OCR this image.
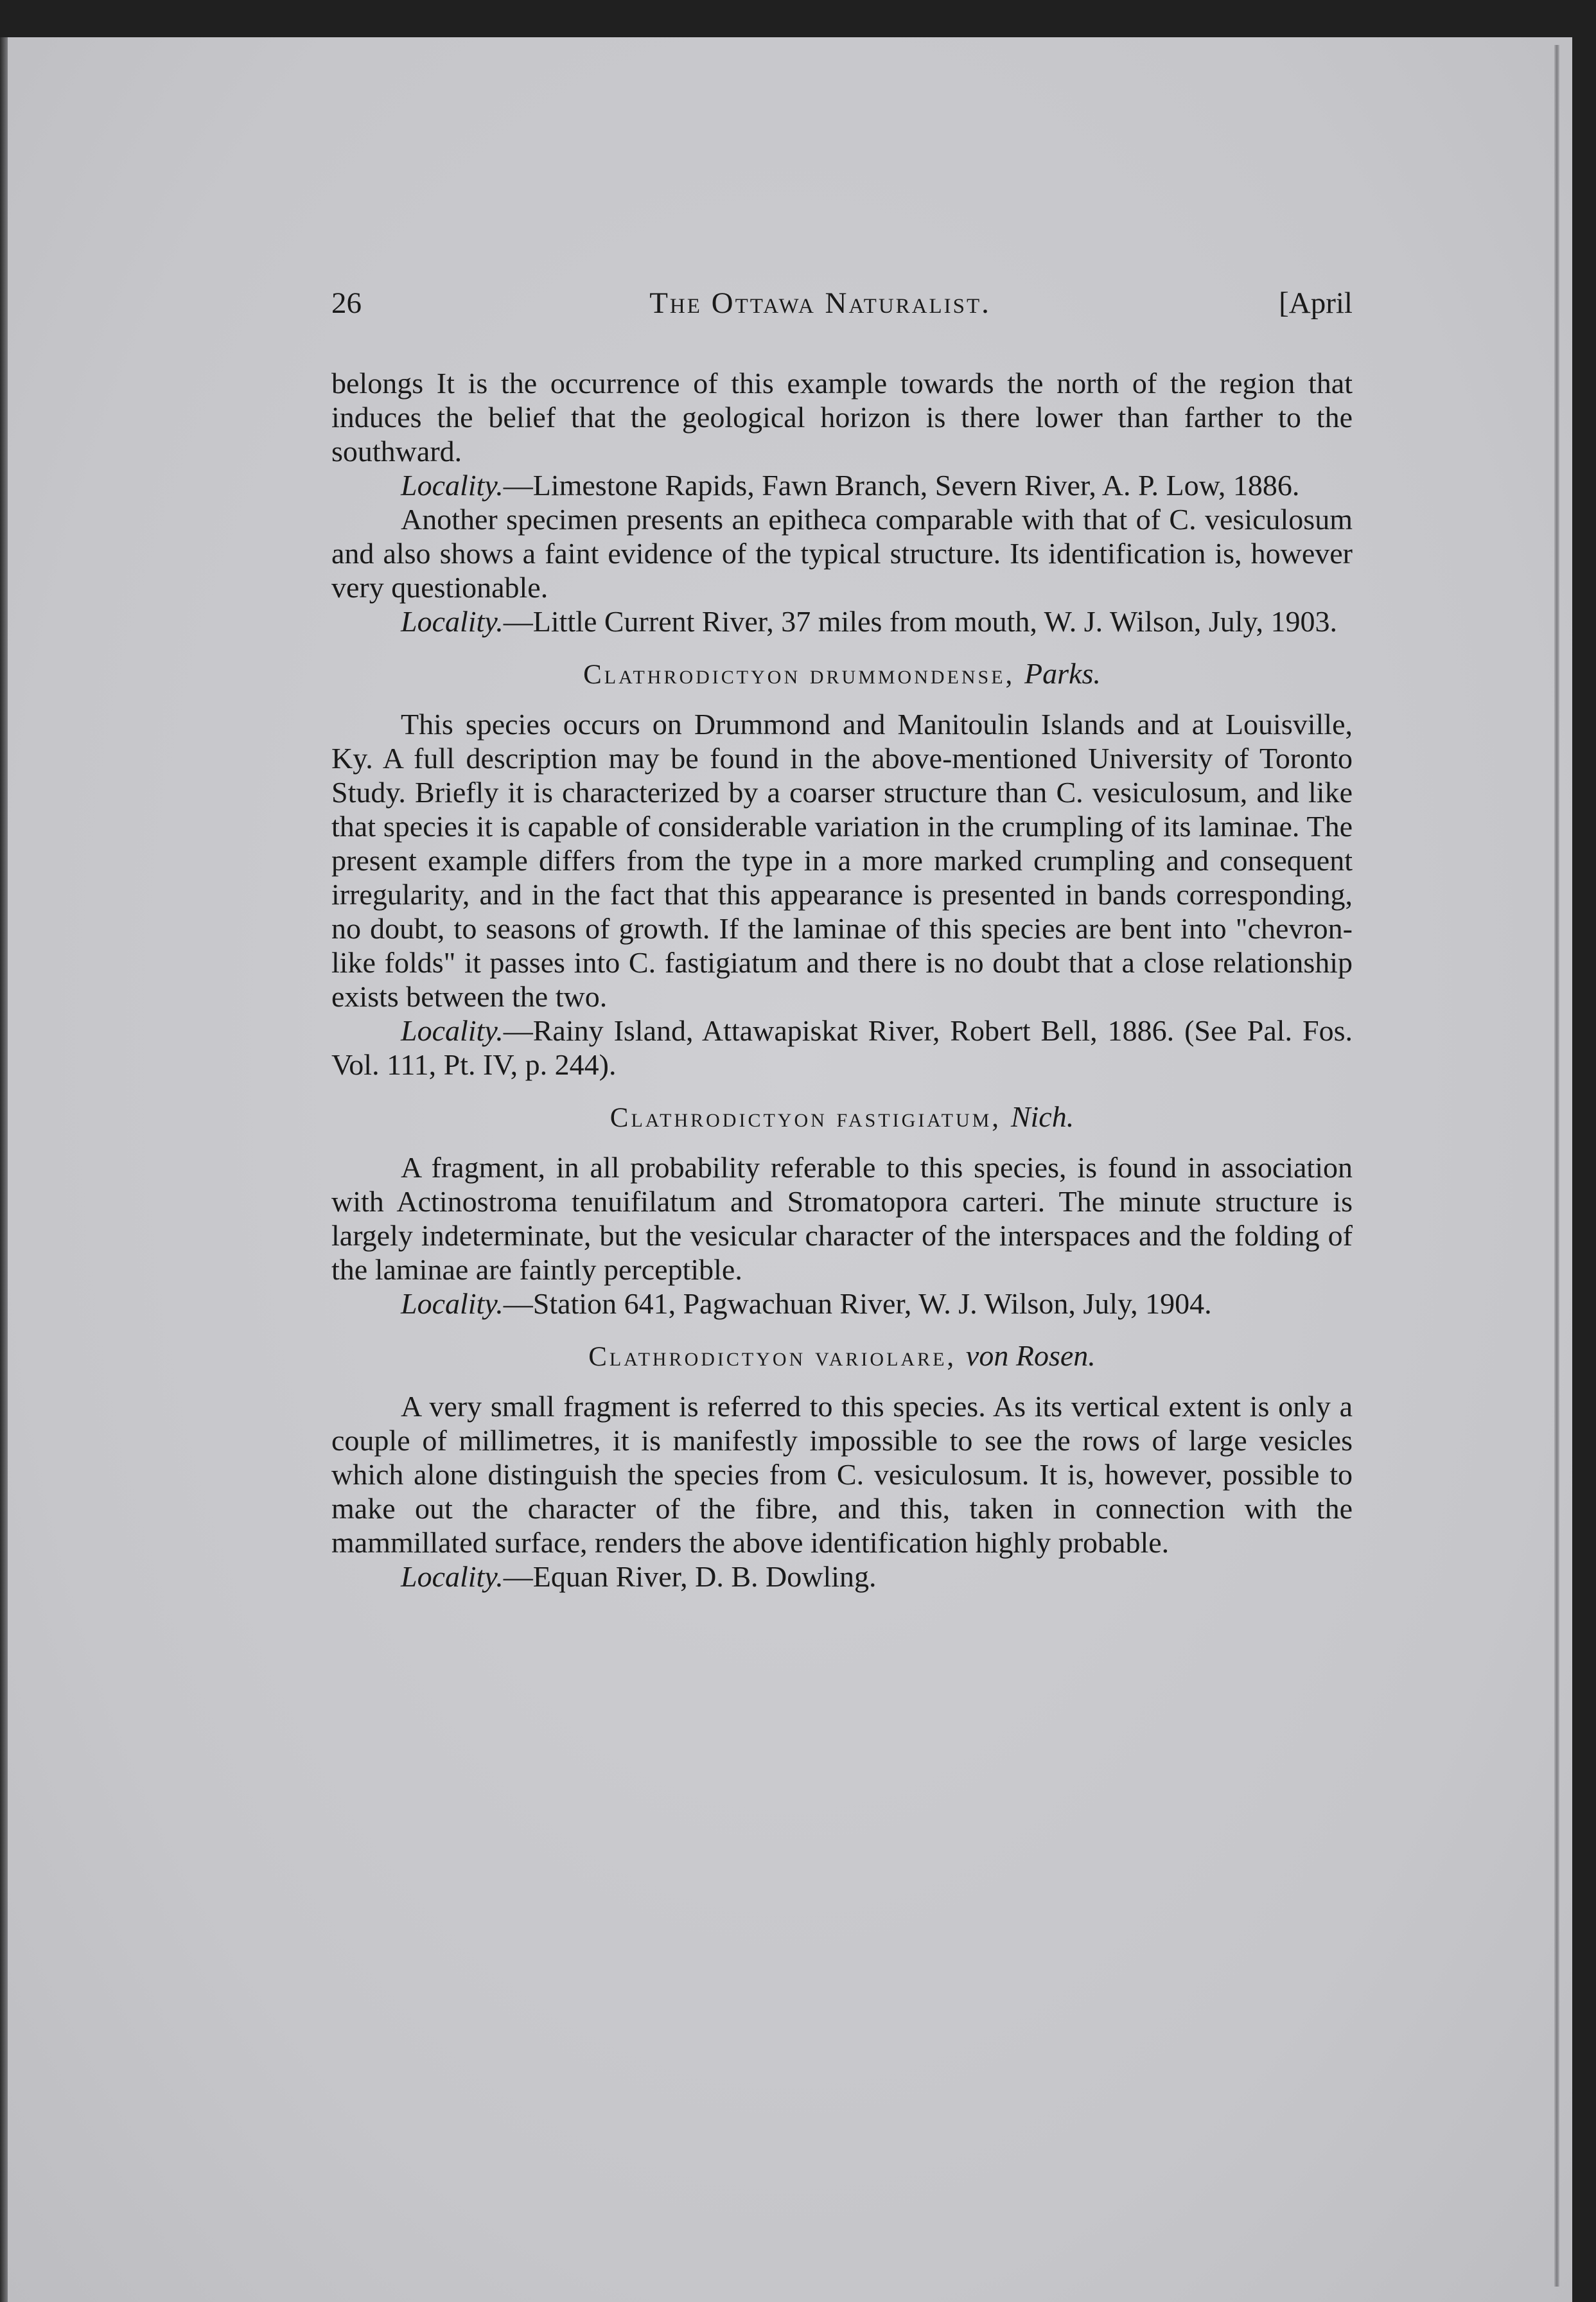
26	The Ottawa Naturalist.	[April

belongs It is the occurrence of this example towards the north of the region that induces the belief that the geological horizon is there lower than farther to the southward.

Locality.—Limestone Rapids, Fawn Branch, Severn River, A. P. Low, 1886.

Another specimen presents an epitheca comparable with that of C. vesiculosum and also shows a faint evidence of the typical structure. Its identification is, however very questionable.

Locality.—Little Current River, 37 miles from mouth, W. J. Wilson, July, 1903.

Clathrodictyon drummondense, Parks.

This species occurs on Drummond and Manitoulin Islands and at Louisville, Ky. A full description may be found in the above-mentioned University of Toronto Study. Briefly it is characterized by a coarser structure than C. vesiculosum, and like that species it is capable of considerable variation in the crumpling of its laminae. The present example differs from the type in a more marked crumpling and consequent irregularity, and in the fact that this appearance is presented in bands corresponding, no doubt, to seasons of growth. If the laminae of this species are bent into "chevron-like folds" it passes into C. fastigiatum and there is no doubt that a close relationship exists between the two.

Locality.—Rainy Island, Attawapiskat River, Robert Bell, 1886. (See Pal. Fos. Vol. 111, Pt. IV, p. 244).

Clathrodictyon fastigiatum, Nich.

A fragment, in all probability referable to this species, is found in association with Actinostroma tenuifilatum and Stromatopora carteri. The minute structure is largely indeterminate, but the vesicular character of the interspaces and the folding of the laminae are faintly perceptible.

Locality.—Station 641, Pagwachuan River, W. J. Wilson, July, 1904.

Clathrodictyon variolare, von Rosen.

A very small fragment is referred to this species. As its vertical extent is only a couple of millimetres, it is manifestly impossible to see the rows of large vesicles which alone distinguish the species from C. vesiculosum. It is, however, possible to make out the character of the fibre, and this, taken in connection with the mammillated surface, renders the above identification highly probable.

Locality.—Equan River, D. B. Dowling.
